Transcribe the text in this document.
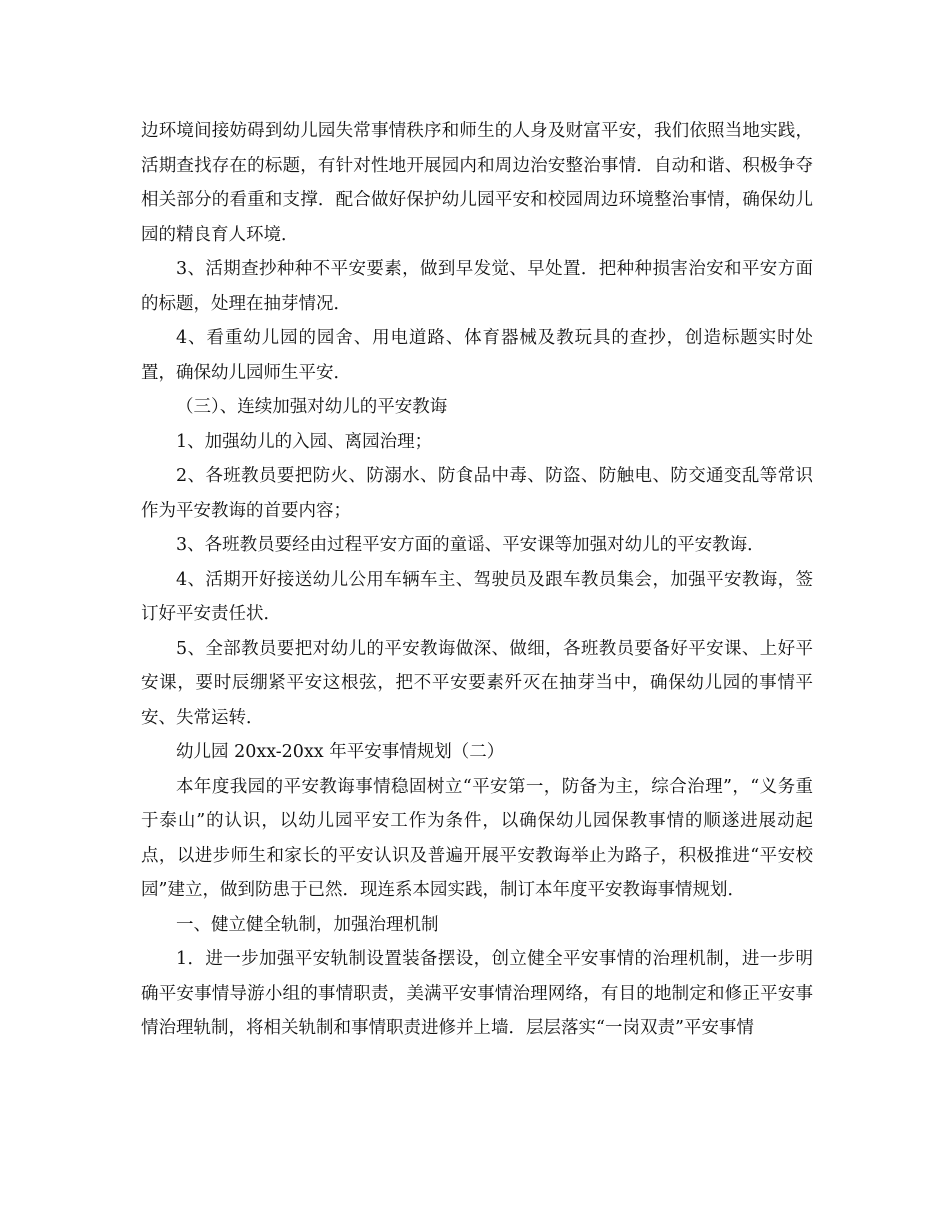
边环境间接妨碍到幼儿园失常事情秩序和师生的人身及财富平安，我们依照当地实践，活期查找存在的标题，有针对性地开展园内和周边治安整治事情．自动和谐、积极争夺相关部分的看重和支撑．配合做好保护幼儿园平安和校园周边环境整治事情，确保幼儿园的精良育人环境．

3、活期查抄种种不平安要素，做到早发觉、早处置．把种种损害治安和平安方面的标题，处理在抽芽情况．

4、看重幼儿园的园舍、用电道路、体育器械及教玩具的查抄，创造标题实时处置，确保幼儿园师生平安．

（三）、连续加强对幼儿的平安教诲

1、加强幼儿的入园、离园治理；

2、各班教员要把防火、防溺水、防食品中毒、防盗、防触电、防交通变乱等常识作为平安教诲的首要内容；

3、各班教员要经由过程平安方面的童谣、平安课等加强对幼儿的平安教诲．

4、活期开好接送幼儿公用车辆车主、驾驶员及跟车教员集会，加强平安教诲，签订好平安责任状．

5、全部教员要把对幼儿的平安教诲做深、做细，各班教员要备好平安课、上好平安课，要时辰绷紧平安这根弦，把不平安要素歼灭在抽芽当中，确保幼儿园的事情平安、失常运转．

幼儿园 20xx-20xx 年平安事情规划（二）

本年度我园的平安教诲事情稳固树立“平安第一，防备为主，综合治理”，“义务重于泰山”的认识，以幼儿园平安工作为条件，以确保幼儿园保教事情的顺遂进展动起点，以进步师生和家长的平安认识及普遍开展平安教诲举止为路子，积极推进“平安校园”建立，做到防患于已然．现连系本园实践，制订本年度平安教诲事情规划．

一、健立健全轨制，加强治理机制

1．进一步加强平安轨制设置装备摆设，创立健全平安事情的治理机制，进一步明确平安事情导游小组的事情职责，美满平安事情治理网络，有目的地制定和修正平安事情治理轨制，将相关轨制和事情职责进修并上墙．层层落实“一岗双责”平安事情
